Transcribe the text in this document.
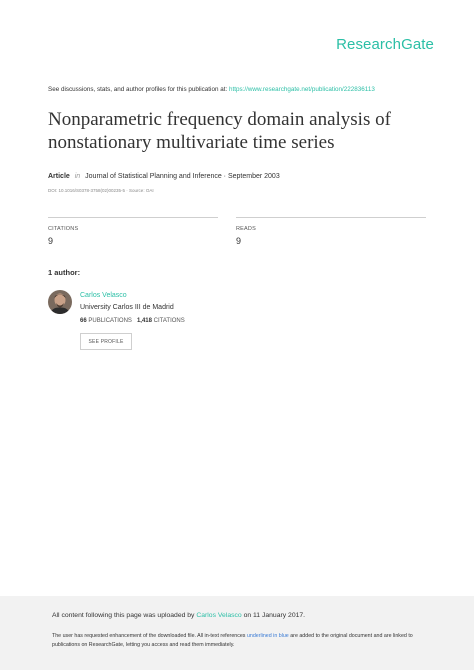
ResearchGate
See discussions, stats, and author profiles for this publication at: https://www.researchgate.net/publication/222836113
Nonparametric frequency domain analysis of nonstationary multivariate time series
Article in Journal of Statistical Planning and Inference · September 2003
DOI: 10.1016/S0378-3758(02)00235-5 · Source: OAI
CITATIONS
9
READS
9
1 author:
Carlos Velasco
University Carlos III de Madrid
66 PUBLICATIONS 1,418 CITATIONS
SEE PROFILE
All content following this page was uploaded by Carlos Velasco on 11 January 2017.
The user has requested enhancement of the downloaded file. All in-text references underlined in blue are added to the original document and are linked to publications on ResearchGate, letting you access and read them immediately.
